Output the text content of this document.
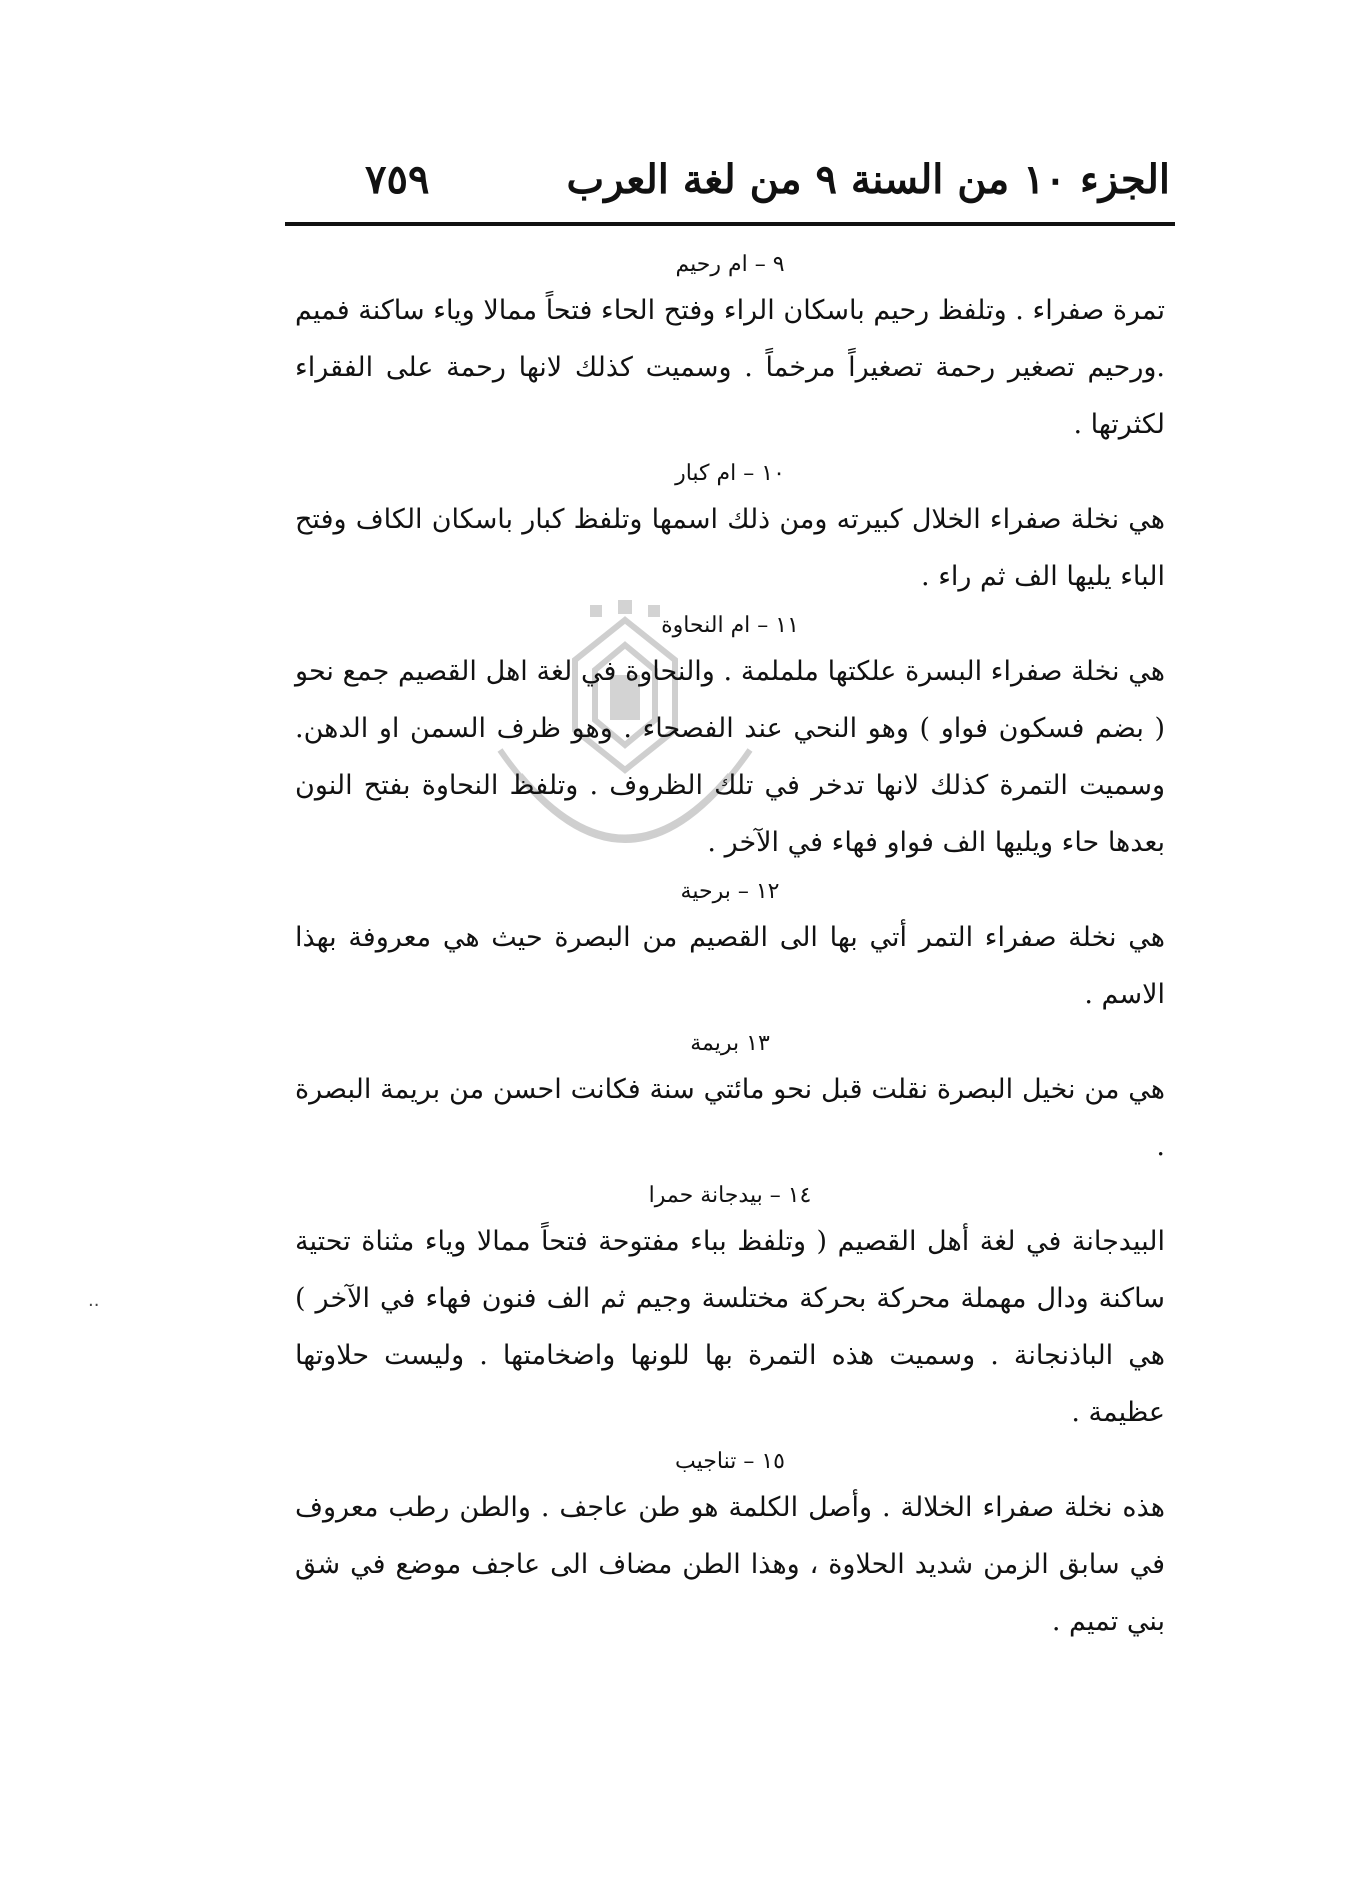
الجزء ١٠ من السنة ٩ من لغة العرب
٧٥٩
٩ – ام رحيم

تمرة صفراء . وتلفظ رحيم باسكان الراء وفتح الحاء فتحاً ممالا وياء ساكنة فميم .ورحيم تصغير رحمة تصغيراً مرخماً . وسميت كذلك لانها رحمة على الفقراء لكثرتها .

١٠ – ام كبار

هي نخلة صفراء الخلال كبيرته ومن ذلك اسمها وتلفظ كبار باسكان الكاف وفتح الباء يليها الف ثم راء .

١١ – ام النحاوة

هي نخلة صفراء البسرة علكتها ململمة . والنحاوة في لغة اهل القصيم جمع نحو ( بضم فسكون فواو ) وهو النحي عند الفصحاء . وهو ظرف السمن او الدهن. وسميت التمرة كذلك لانها تدخر في تلك الظروف . وتلفظ النحاوة بفتح النون بعدها حاء ويليها الف فواو فهاء في الآخر .

١٢ – برحية

هي نخلة صفراء التمر أتي بها الى القصيم من البصرة حيث هي معروفة بهذا الاسم .

١٣ بريمة

هي من نخيل البصرة نقلت قبل نحو مائتي سنة فكانت احسن من بريمة البصرة .

١٤ – بيدجانة حمرا

البيدجانة في لغة أهل القصيم ( وتلفظ بباء مفتوحة فتحاً ممالا وياء مثناة تحتية ساكنة ودال مهملة محركة بحركة مختلسة وجيم ثم الف فنون فهاء في الآخر ) هي الباذنجانة . وسميت هذه التمرة بها للونها واضخامتها . وليست حلاوتها عظيمة .

١٥ – تناجيب

هذه نخلة صفراء الخلالة . وأصل الكلمة هو طن عاجف . والطن رطب معروف في سابق الزمن شديد الحلاوة ، وهذا الطن مضاف الى عاجف موضع في شق بني تميم .

··
